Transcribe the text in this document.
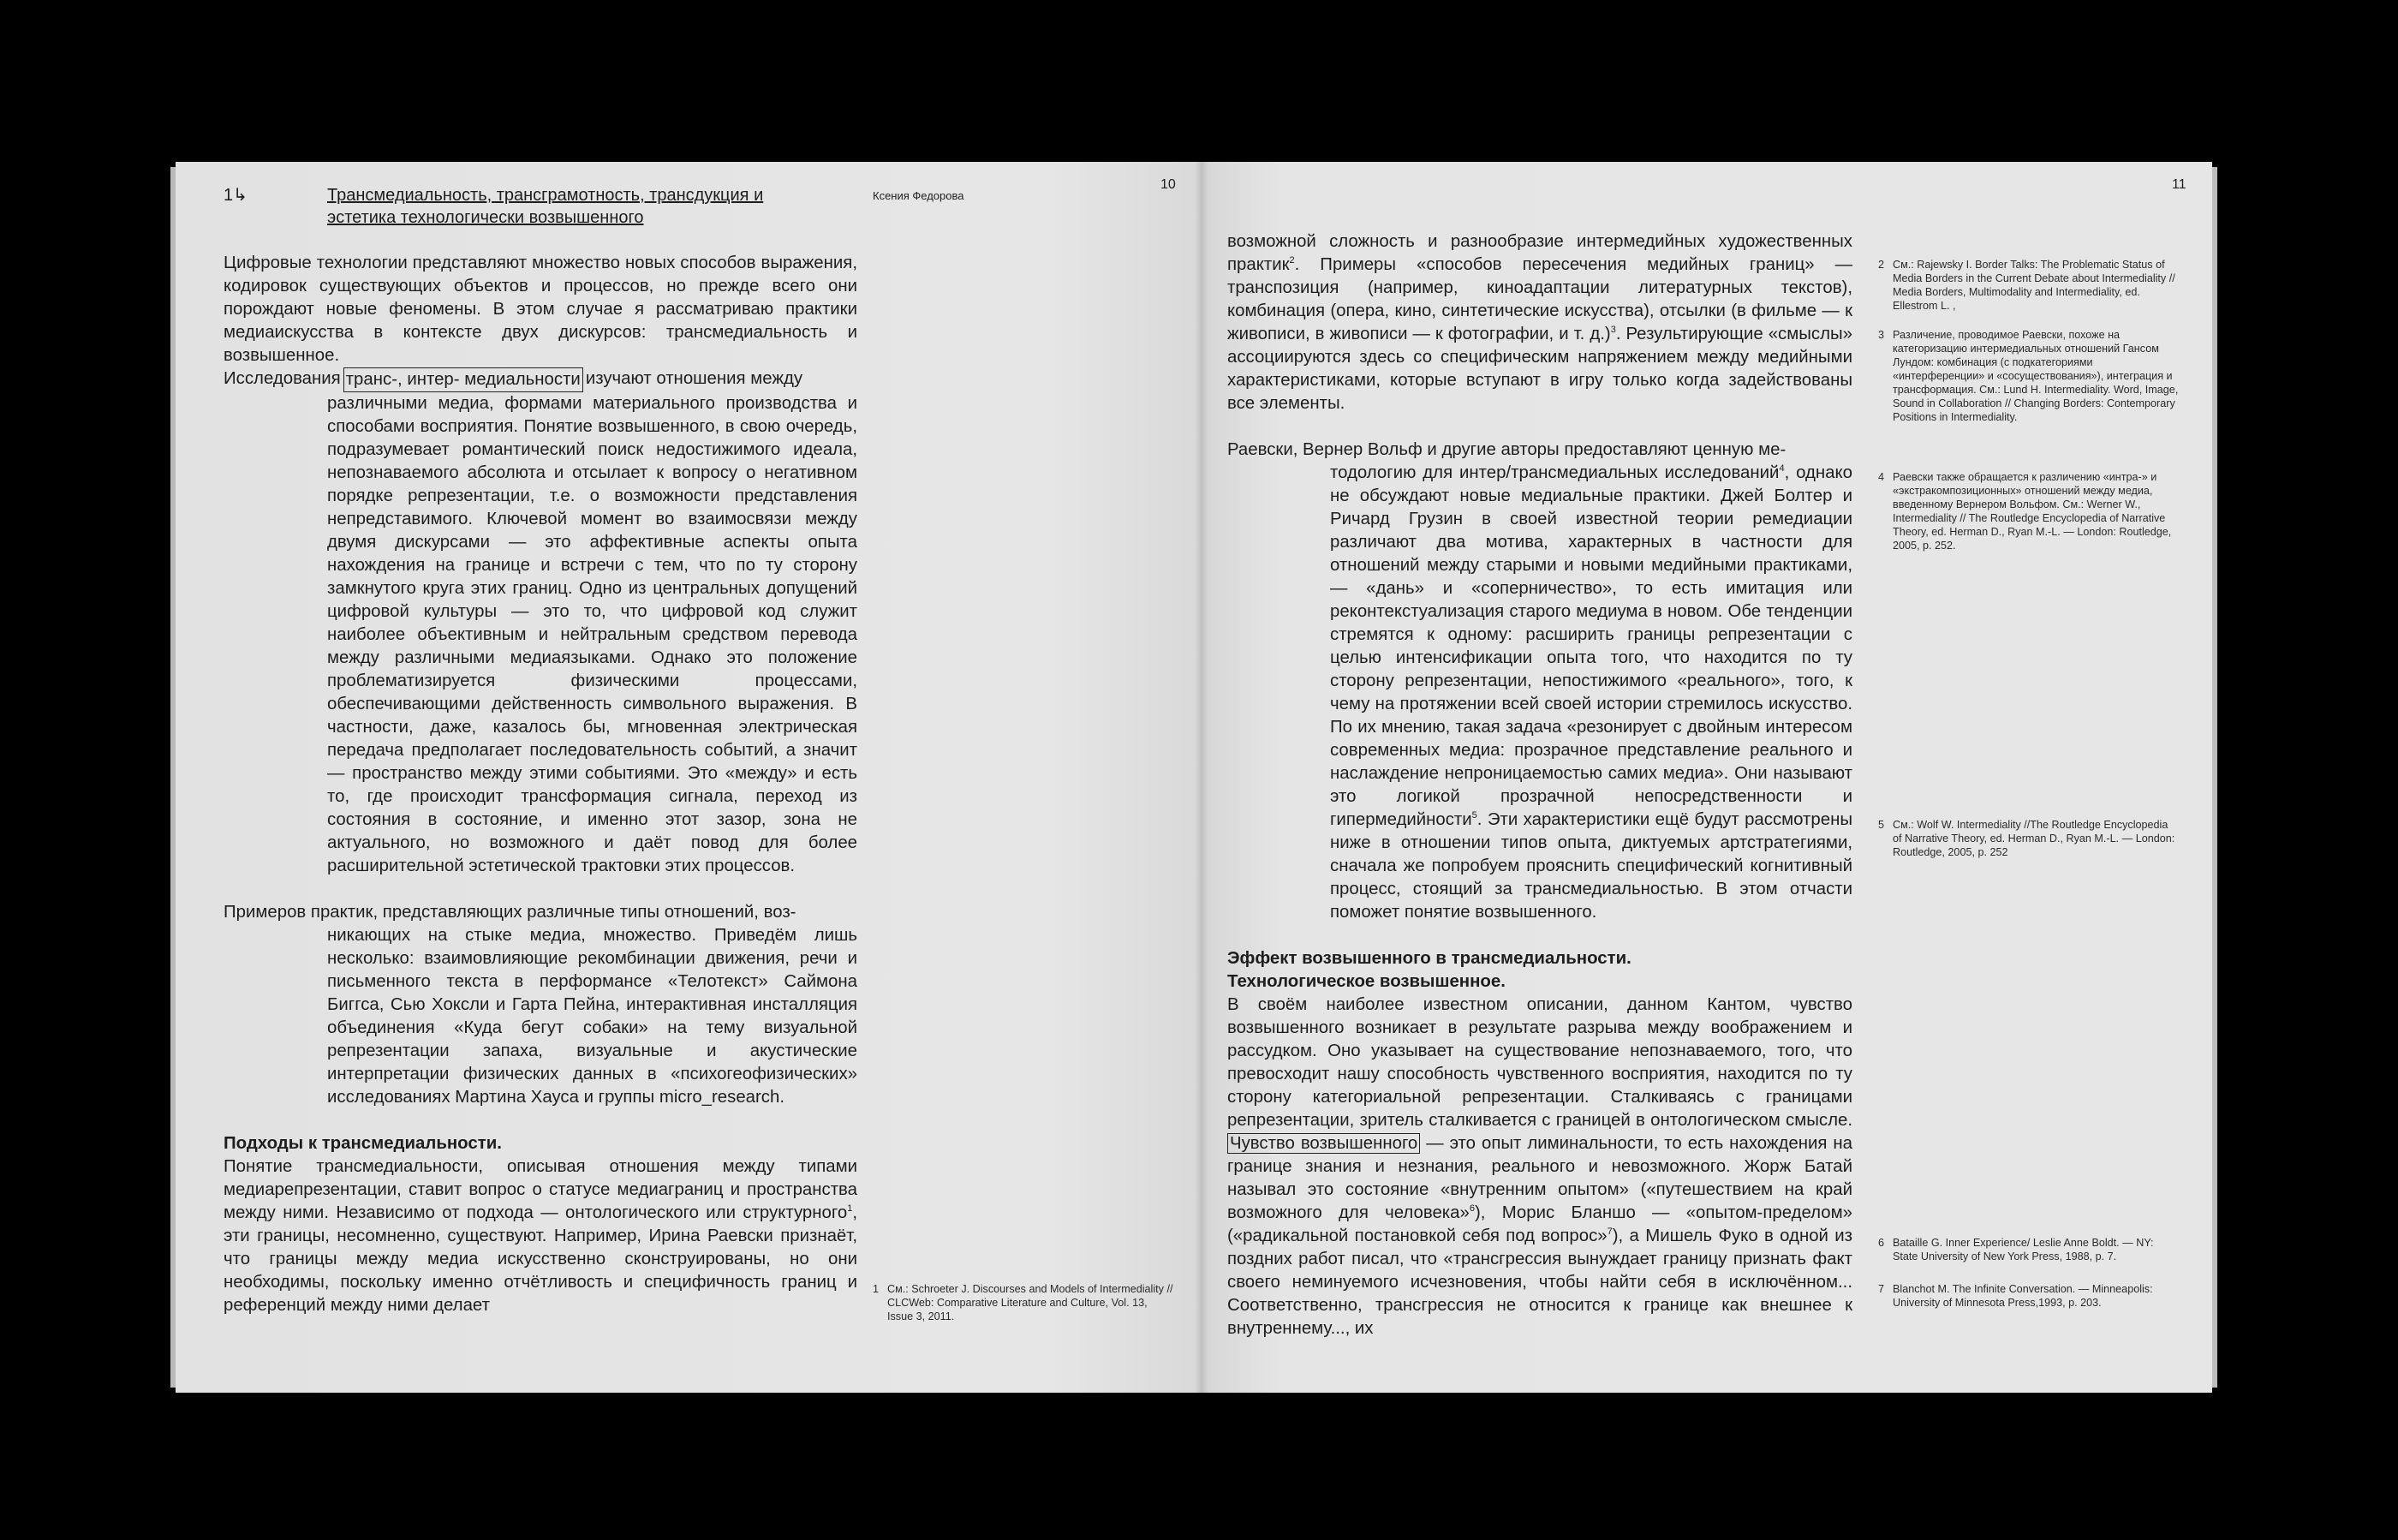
1↳	Трансмедиальность, трансграмотность, трансдукция и эстетика технологически возвышенного
Ксения Федорова
10

Цифровые технологии представляют множество новых способов выражения, кодировок существующих объектов и процессов, но прежде всего они порождают новые феномены. В этом случае я рассматриваю практики медиаискусства в контексте двух дискурсов: трансмедиальность и возвышенное.

Исследования транс-, интер- медиальности изучают отношения между

различными медиа, формами материального производства и способами восприятия. Понятие возвышенного, в свою очередь, подразумевает романтический поиск недостижимого идеала, непознаваемого абсолюта и отсылает к вопросу о негативном порядке репрезентации, т.е. о возможности представления непредставимого. Ключевой момент во взаимосвязи между двумя дискурсами — это аффективные аспекты опыта нахождения на границе и встречи с тем, что по ту сторону замкнутого круга этих границ. Одно из центральных допущений цифровой культуры — это то, что цифровой код служит наиболее объективным и нейтральным средством перевода между различными медиаязыками. Однако это положение проблематизируется физическими процессами, обеспечивающими действенность символьного выражения. В частности, даже, казалось бы, мгновенная электрическая передача предполагает последовательность событий, а значит — пространство между этими событиями. Это «между» и есть то, где происходит трансформация сигнала, переход из состояния в состояние, и именно этот зазор, зона не актуального, но возможного и даёт повод для более расширительной эстетической трактовки этих процессов.

Примеров практик, представляющих различные типы отношений, воз-

никающих на стыке медиа, множество. Приведём лишь несколько: взаимовлияющие рекомбинации движения, речи и письменного текста в перформансе «Телотекст» Саймона Биггса, Сью Хоксли и Гарта Пейна, интерактивная инсталляция объединения «Куда бегут собаки» на тему визуальной репрезентации запаха, визуальные и акустические интерпретации физических данных в «психогеофизических» исследованиях Мартина Хауса и группы micro_research.

Подходы к трансмедиальности.

Понятие трансмедиальности, описывая отношения между типами медиарепрезентации, ставит вопрос о статусе медиаграниц и пространства между ними. Независимо от подхода — онтологического или структурного$^1$, эти границы, несомненно, существуют. Например, Ирина Раевски признаёт, что границы между медиа искусственно сконструированы, но они необходимы, поскольку именно отчётливость и специфичность границ и референций между ними делает

1 См.: Schroeter J. Discourses and Models of Intermediality // CLCWeb: Comparative Literature and Culture, Vol. 13, Issue 3, 2011.
11

возможной сложность и разнообразие интермедийных художественных практик$^2$. Примеры «способов пересечения медийных границ» — транспозиция (например, киноадаптации литературных текстов), комбинация (опера, кино, синтетические искусства), отсылки (в фильме — к живописи, в живописи — к фотографии, и т. д.)$^3$. Результирующие «смыслы» ассоциируются здесь со специфическим напряжением между медийными характеристиками, которые вступают в игру только когда задействованы все элементы.

Раевски, Вернер Вольф и другие авторы предоставляют ценную ме-

тодологию для интер/трансмедиальных исследований$^4$, однако не обсуждают новые медиальные практики. Джей Болтер и Ричард Грузин в своей известной теории ремедиации различают два мотива, характерных в частности для отношений между старыми и новыми медийными практиками, — «дань» и «соперничество», то есть имитация или реконтекстуализация старого медиума в новом. Обе тенденции стремятся к одному: расширить границы репрезентации с целью интенсификации опыта того, что находится по ту сторону репрезентации, непостижимого «реального», того, к чему на протяжении всей своей истории стремилось искусство. По их мнению, такая задача «резонирует с двойным интересом современных медиа: прозрачное представление реального и наслаждение непроницаемостью самих медиа». Они называют это логикой прозрачной непосредственности и гипермедийности$^5$. Эти характеристики ещё будут рассмотрены ниже в отношении типов опыта, диктуемых артстратегиями, сначала же попробуем прояснить специфический когнитивный процесс, стоящий за трансмедиальностью. В этом отчасти поможет понятие возвышенного.

Эффект возвышенного в трансмедиальности.
Технологическое возвышенное.

В своём наиболее известном описании, данном Кантом, чувство возвышенного возникает в результате разрыва между воображением и рассудком. Оно указывает на существование непознаваемого, того, что превосходит нашу способность чувственного восприятия, находится по ту сторону категориальной репрезентации. Сталкиваясь с границами репрезентации, зритель сталкивается с границей в онтологическом смысле. Чувство возвышенного — это опыт лиминальности, то есть нахождения на границе знания и незнания, реального и невозможного. Жорж Батай называл это состояние «внутренним опытом» («путешествием на край возможного для человека»$^6$), Морис Бланшо — «опытом-пределом» («радикальной постановкой себя под вопрос»$^7$), а Мишель Фуко в одной из поздних работ писал, что «трансгрессия вынуждает границу признать факт своего неминуемого исчезновения, чтобы найти себя в исключённом... Соответственно, трансгрессия не относится к границе как внешнее к внутреннему..., их

2 См.: Rajewsky I. Border Talks: The Problematic Status of Media Borders in the Current Debate about Intermediality // Media Borders, Multimodality and Intermediality, ed. Ellestrom L. ,
3 Различение, проводимое Раевски, похоже на категоризацию интермедиальных отношений Гансом Лундом: комбинация (с подкатегориями «интерференции» и «сосуществования»), интеграция и трансформация. См.: Lund H. Intermediality. Word, Image, Sound in Collaboration // Changing Borders: Contemporary Positions in Intermediality.
4 Раевски также обращается к различению «интра-» и «экстракомпозиционных» отношений между медиа, введенному Вернером Вольфом. См.: Werner W., Intermediality // The Routledge Encyclopedia of Narrative Theory, ed. Herman D., Ryan M.-L. — London: Routledge, 2005, p. 252.
5 См.: Wolf W. Intermediality //The Routledge Encyclopedia of Narrative Theory, ed. Herman D., Ryan M.-L. — London: Routledge, 2005, p. 252
6 Bataille G. Inner Experience/ Leslie Anne Boldt. — NY: State University of New York Press, 1988, p. 7.
7 Blanchot M. The Infinite Conversation. — Minneapolis: University of Minnesota Press,1993, p. 203.
